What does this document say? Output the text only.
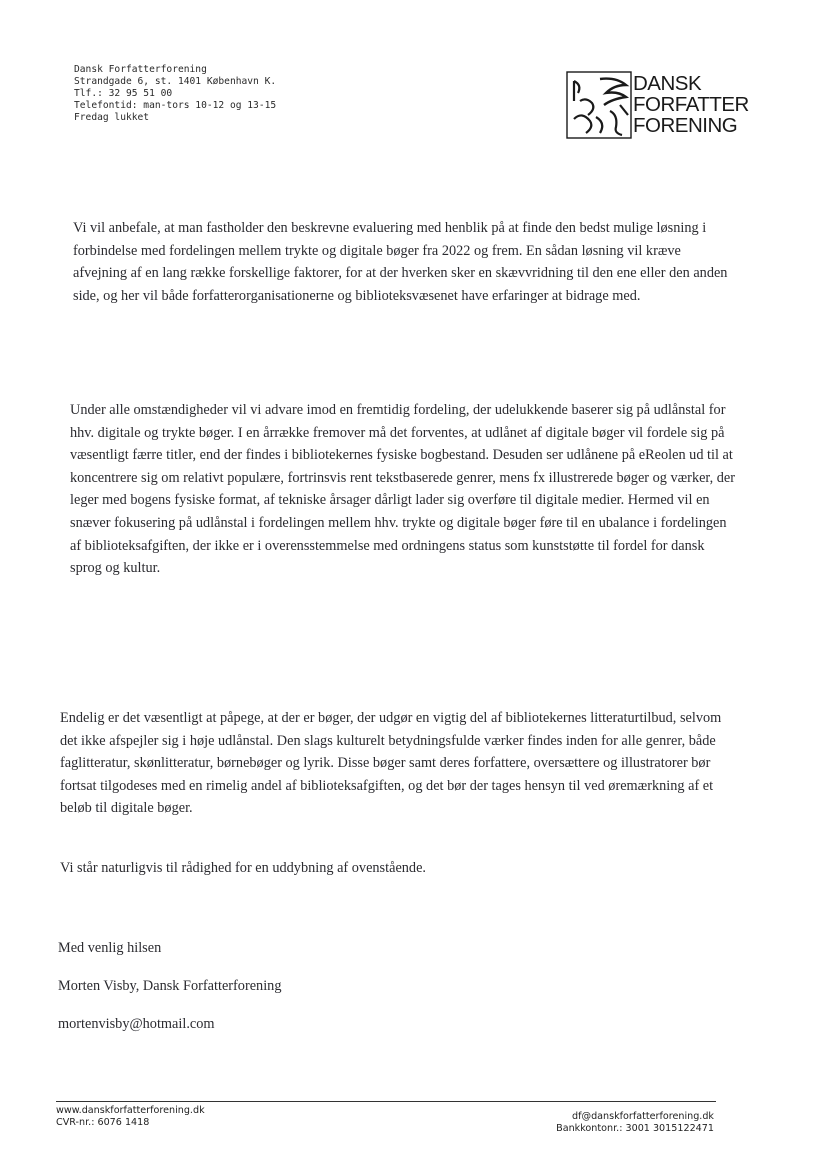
Dansk Forfatterforening
Strandgade 6, st. 1401 København K.
Tlf.: 32 95 51 00
Telefontid: man-tors 10-12 og 13-15
Fredag lukket
DANSK
FORFATTER
FORENING

Vi vil anbefale, at man fastholder den beskrevne evaluering med henblik på at finde den bedst mulige løsning i forbindelse med fordelingen mellem trykte og digitale bøger fra 2022 og frem. En sådan løsning vil kræve afvejning af en lang række forskellige faktorer, for at der hverken sker en skævvridning til den ene eller den anden side, og her vil både forfatterorganisationerne og biblioteksvæsenet have erfaringer at bidrage med.

Under alle omstændigheder vil vi advare imod en fremtidig fordeling, der udelukkende baserer sig på udlånstal for hhv. digitale og trykte bøger. I en årrække fremover må det forventes, at udlånet af digitale bøger vil fordele sig på væsentligt færre titler, end der findes i bibliotekernes fysiske bogbestand. Desuden ser udlånene på eReolen ud til at koncentrere sig om relativt populære, fortrinsvis rent tekstbaserede genrer, mens fx illustrerede bøger og værker, der leger med bogens fysiske format, af tekniske årsager dårligt lader sig overføre til digitale medier. Hermed vil en snæver fokusering på udlånstal i fordelingen mellem hhv. trykte og digitale bøger føre til en ubalance i fordelingen af biblioteksafgiften, der ikke er i overensstemmelse med ordningens status som kunststøtte til fordel for dansk sprog og kultur.

Endelig er det væsentligt at påpege, at der er bøger, der udgør en vigtig del af bibliotekernes litteraturtilbud, selvom det ikke afspejler sig i høje udlånstal. Den slags kulturelt betydningsfulde værker findes inden for alle genrer, både faglitteratur, skønlitteratur, børnebøger og lyrik. Disse bøger samt deres forfattere, oversættere og illustratorer bør fortsat tilgodeses med en rimelig andel af biblioteksafgiften, og det bør der tages hensyn til ved øremærkning af et beløb til digitale bøger.

Vi står naturligvis til rådighed for en uddybning af ovenstående.

Med venlig hilsen
Morten Visby, Dansk Forfatterforening
mortenvisby@hotmail.com
www.danskforfatterforening.dk
CVR-nr.: 6076 1418
df@danskforfatterforening.dk
Bankkontonr.: 3001 3015122471
